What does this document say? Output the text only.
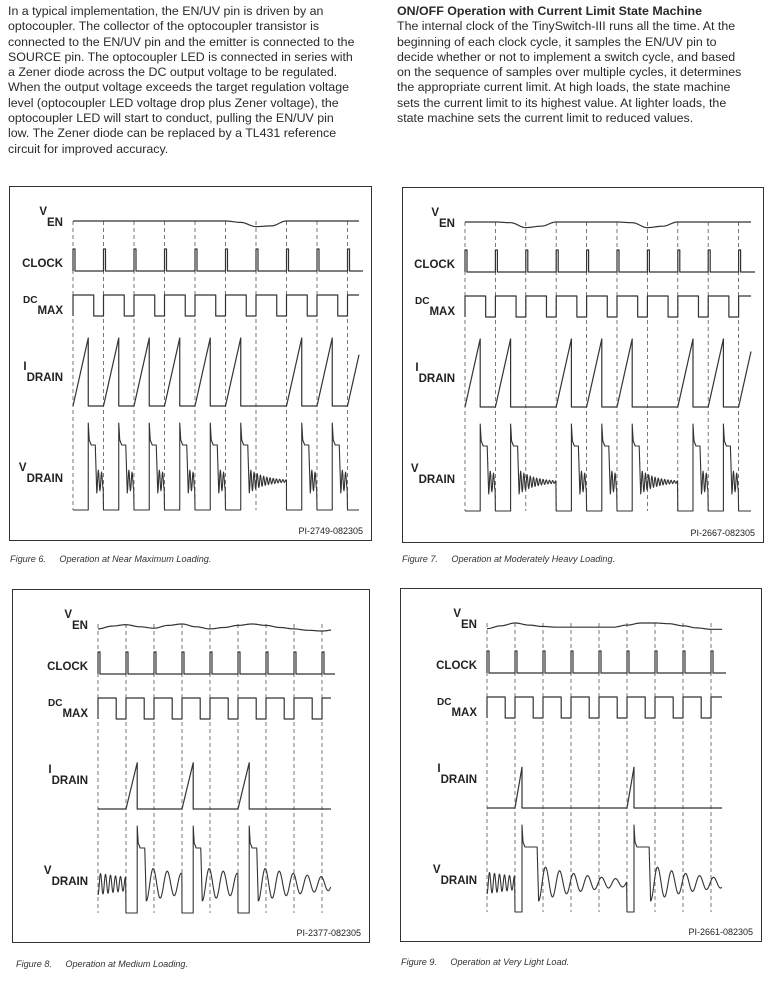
In a typical implementation, the EN/UV pin is driven by an
optocoupler. The collector of the optocoupler transistor is
connected to the EN/UV pin and the emitter is connected to the
SOURCE pin. The optocoupler LED is connected in series with
a Zener diode across the DC output voltage to be regulated.
When the output voltage exceeds the target regulation voltage
level (optocoupler LED voltage drop plus Zener voltage), the
optocoupler LED will start to conduct, pulling the EN/UV pin
low. The Zener diode can be replaced by a TL431 reference
circuit for improved accuracy.
ON/OFF Operation with Current Limit State Machine
The internal clock of the TinySwitch-III runs all the time. At the
beginning of each clock cycle, it samples the EN/UV pin to
decide whether or not to implement a switch cycle, and based
on the sequence of samples over multiple cycles, it determines
the appropriate current limit. At high loads, the state machine
sets the current limit to its highest value. At lighter loads, the
state machine sets the current limit to reduced values.
VEN
CLOCK
DCMAX
IDRAIN
VDRAIN
PI-2749-082305
Figure 6. Operation at Near Maximum Loading.
VEN
CLOCK
DCMAX
IDRAIN
VDRAIN
PI-2667-082305
Figure 7. Operation at Moderately Heavy Loading.
VEN
CLOCK
DCMAX
IDRAIN
VDRAIN
PI-2377-082305
Figure 8. Operation at Medium Loading.
VEN
CLOCK
DCMAX
IDRAIN
VDRAIN
PI-2661-082305
Figure 9. Operation at Very Light Load.
